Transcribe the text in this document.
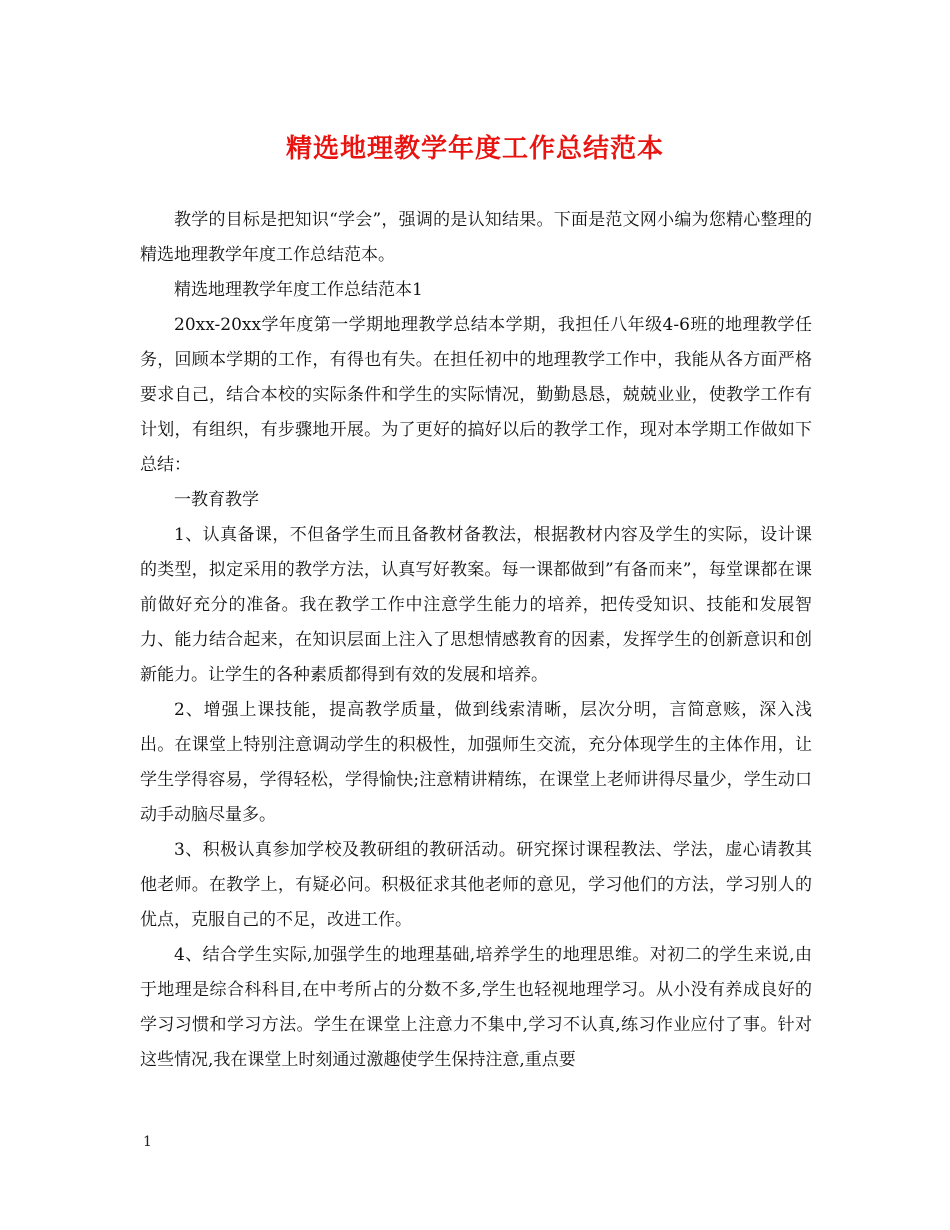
精选地理教学年度工作总结范本

教学的目标是把知识“学会”，强调的是认知结果。下面是范文网小编为您精心整理的精选地理教学年度工作总结范本。

精选地理教学年度工作总结范本1

20xx-20xx学年度第一学期地理教学总结本学期，我担任八年级4-6班的地理教学任务，回顾本学期的工作，有得也有失。在担任初中的地理教学工作中，我能从各方面严格要求自己，结合本校的实际条件和学生的实际情况，勤勤恳恳，兢兢业业，使教学工作有计划，有组织，有步骤地开展。为了更好的搞好以后的教学工作，现对本学期工作做如下总结：

一教育教学

1、认真备课，不但备学生而且备教材备教法，根据教材内容及学生的实际，设计课的类型，拟定采用的教学方法，认真写好教案。每一课都做到”有备而来”，每堂课都在课前做好充分的准备。我在教学工作中注意学生能力的培养，把传受知识、技能和发展智力、能力结合起来，在知识层面上注入了思想情感教育的因素，发挥学生的创新意识和创新能力。让学生的各种素质都得到有效的发展和培养。

2、增强上课技能，提高教学质量，做到线索清晰，层次分明，言简意赅，深入浅出。在课堂上特别注意调动学生的积极性，加强师生交流，充分体现学生的主体作用，让学生学得容易，学得轻松，学得愉快;注意精讲精练，在课堂上老师讲得尽量少，学生动口动手动脑尽量多。

3、积极认真参加学校及教研组的教研活动。研究探讨课程教法、学法，虚心请教其他老师。在教学上，有疑必问。积极征求其他老师的意见，学习他们的方法，学习别人的优点，克服自己的不足，改进工作。

4、结合学生实际,加强学生的地理基础,培养学生的地理思维。对初二的学生来说,由于地理是综合科科目,在中考所占的分数不多,学生也轻视地理学习。从小没有养成良好的学习习惯和学习方法。学生在课堂上注意力不集中,学习不认真,练习作业应付了事。针对这些情况,我在课堂上时刻通过激趣使学生保持注意,重点要

1
